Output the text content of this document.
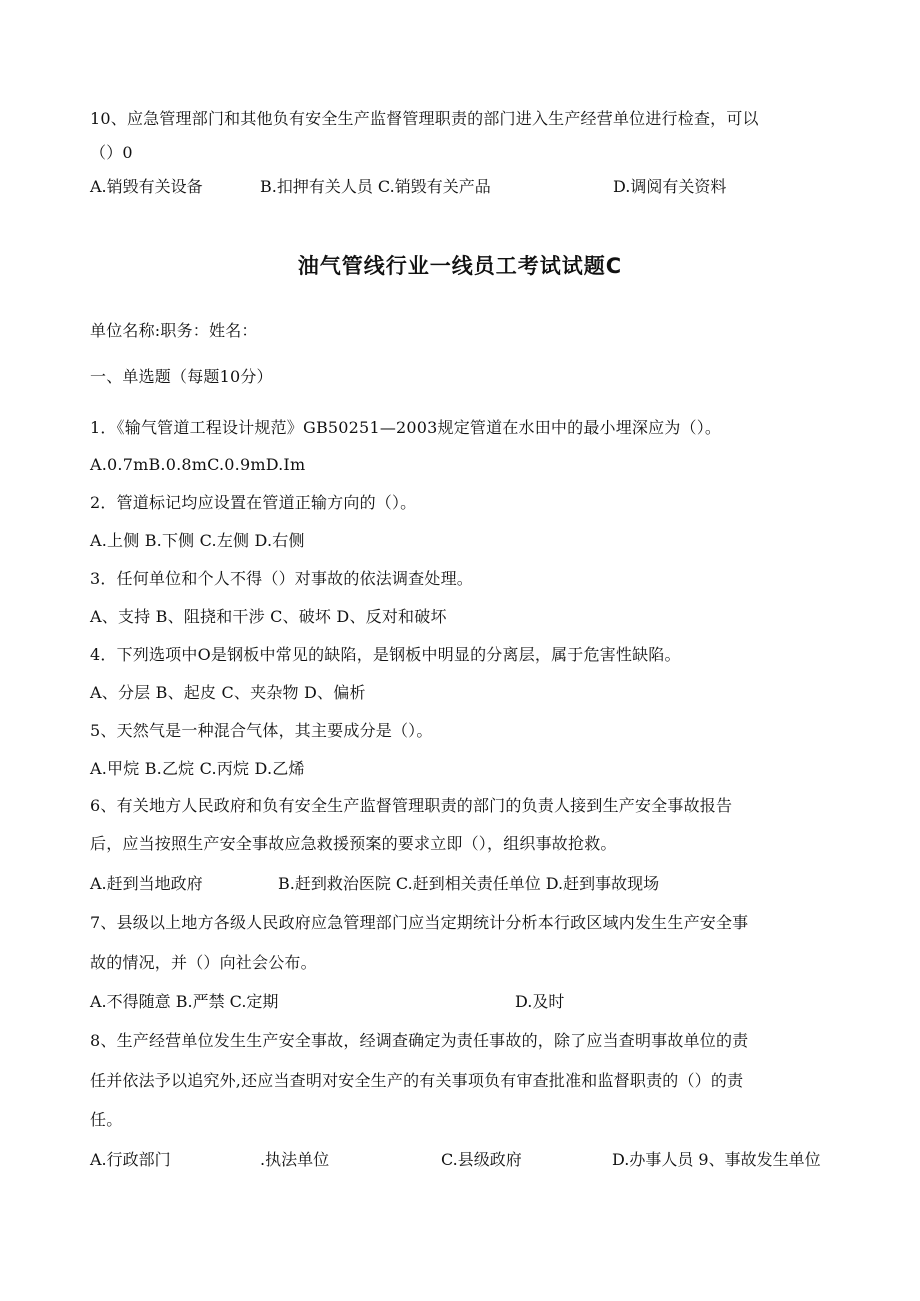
10、应急管理部门和其他负有安全生产监督管理职责的部门进入生产经营单位进行检查，可以
（）0
A.销毁有关设备	B.扣押有关人员 C.销毁有关产品	D.调阅有关资料
油气管线行业一线员工考试试题C
单位名称:职务：姓名：
一、单选题（每题10分）
1．《输气管道工程设计规范》GB50251—2003规定管道在水田中的最小埋深应为（）。
A.0.7mB.0.8mC.0.9mD.Im
2．管道标记均应设置在管道正输方向的（）。
A.上侧 B.下侧 C.左侧 D.右侧
3．任何单位和个人不得（）对事故的依法调查处理。
A、支持 B、阻挠和干涉 C、破坏 D、反对和破坏
4．下列选项中O是钢板中常见的缺陷，是钢板中明显的分离层，属于危害性缺陷。
A、分层 B、起皮 C、夹杂物 D、偏析
5、天然气是一种混合气体，其主要成分是（）。
A.甲烷 B.乙烷 C.丙烷 D.乙烯
6、有关地方人民政府和负有安全生产监督管理职责的部门的负责人接到生产安全事故报告
后，应当按照生产安全事故应急救援预案的要求立即（），组织事故抢救。
A.赶到当地政府	B.赶到救治医院 C.赶到相关责任单位 D.赶到事故现场
7、县级以上地方各级人民政府应急管理部门应当定期统计分析本行政区域内发生生产安全事
故的情况，并（）向社会公布。
A.不得随意 B.严禁 C.定期	D.及时
8、生产经营单位发生生产安全事故，经调查确定为责任事故的，除了应当查明事故单位的责
任并依法予以追究外,还应当查明对安全生产的有关事项负有审查批准和监督职责的（）的责
任。
A.行政部门	.执法单位	C.县级政府	D.办事人员 9、事故发生单位
